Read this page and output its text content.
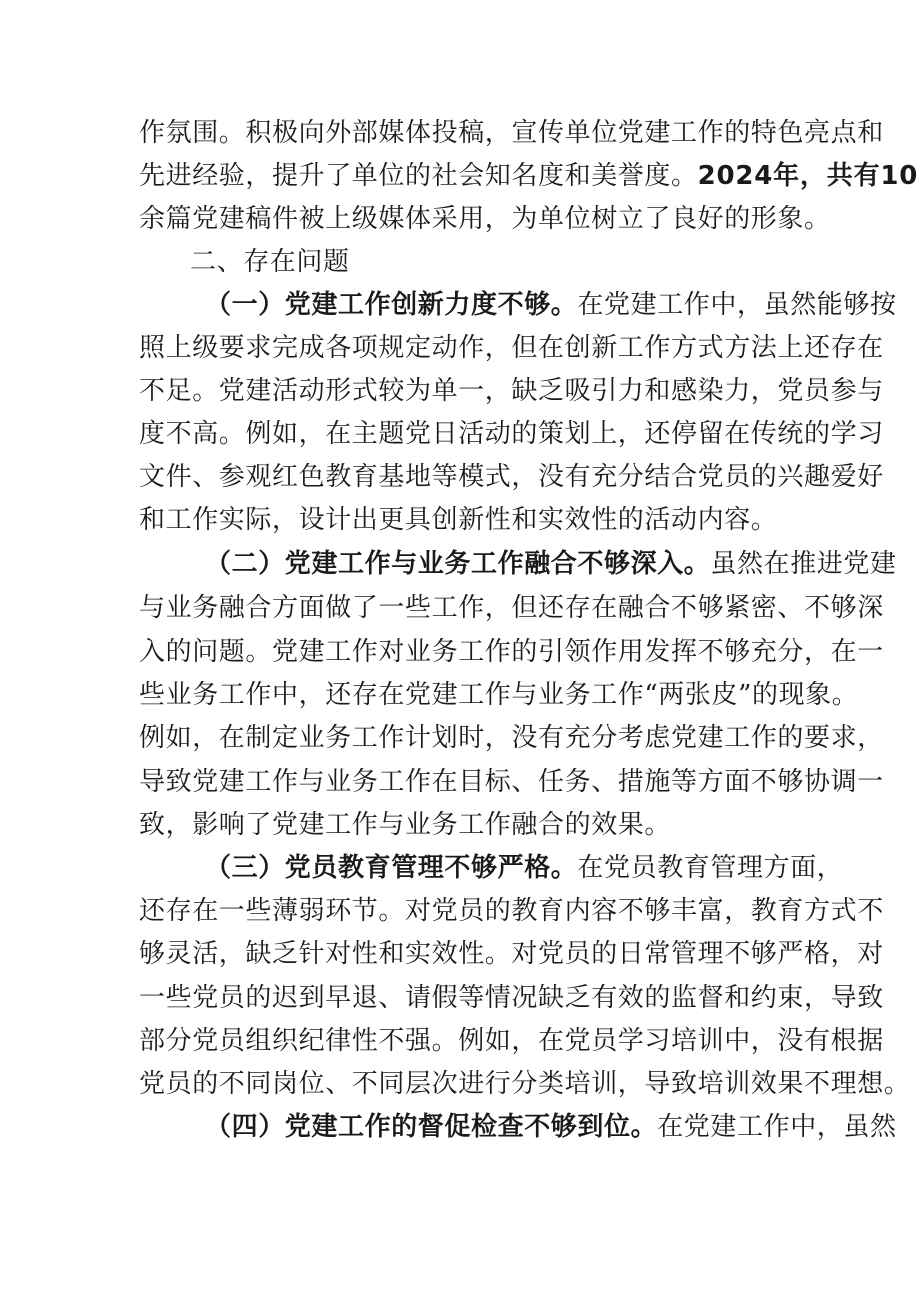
作氛围。积极向外部媒体投稿，宣传单位党建工作的特色亮点和
先进经验，提升了单位的社会知名度和美誉度。2024年，共有10
余篇党建稿件被上级媒体采用，为单位树立了良好的形象。
二、存在问题
（一）党建工作创新力度不够。在党建工作中，虽然能够按
照上级要求完成各项规定动作，但在创新工作方式方法上还存在
不足。党建活动形式较为单一，缺乏吸引力和感染力，党员参与
度不高。例如，在主题党日活动的策划上，还停留在传统的学习
文件、参观红色教育基地等模式，没有充分结合党员的兴趣爱好
和工作实际，设计出更具创新性和实效性的活动内容。
（二）党建工作与业务工作融合不够深入。虽然在推进党建
与业务融合方面做了一些工作，但还存在融合不够紧密、不够深
入的问题。党建工作对业务工作的引领作用发挥不够充分，在一
些业务工作中，还存在党建工作与业务工作“两张皮”的现象。
例如，在制定业务工作计划时，没有充分考虑党建工作的要求，
导致党建工作与业务工作在目标、任务、措施等方面不够协调一
致，影响了党建工作与业务工作融合的效果。
（三）党员教育管理不够严格。在党员教育管理方面，
还存在一些薄弱环节。对党员的教育内容不够丰富，教育方式不
够灵活，缺乏针对性和实效性。对党员的日常管理不够严格，对
一些党员的迟到早退、请假等情况缺乏有效的监督和约束，导致
部分党员组织纪律性不强。例如，在党员学习培训中，没有根据
党员的不同岗位、不同层次进行分类培训，导致培训效果不理想。
（四）党建工作的督促检查不够到位。在党建工作中，虽然
